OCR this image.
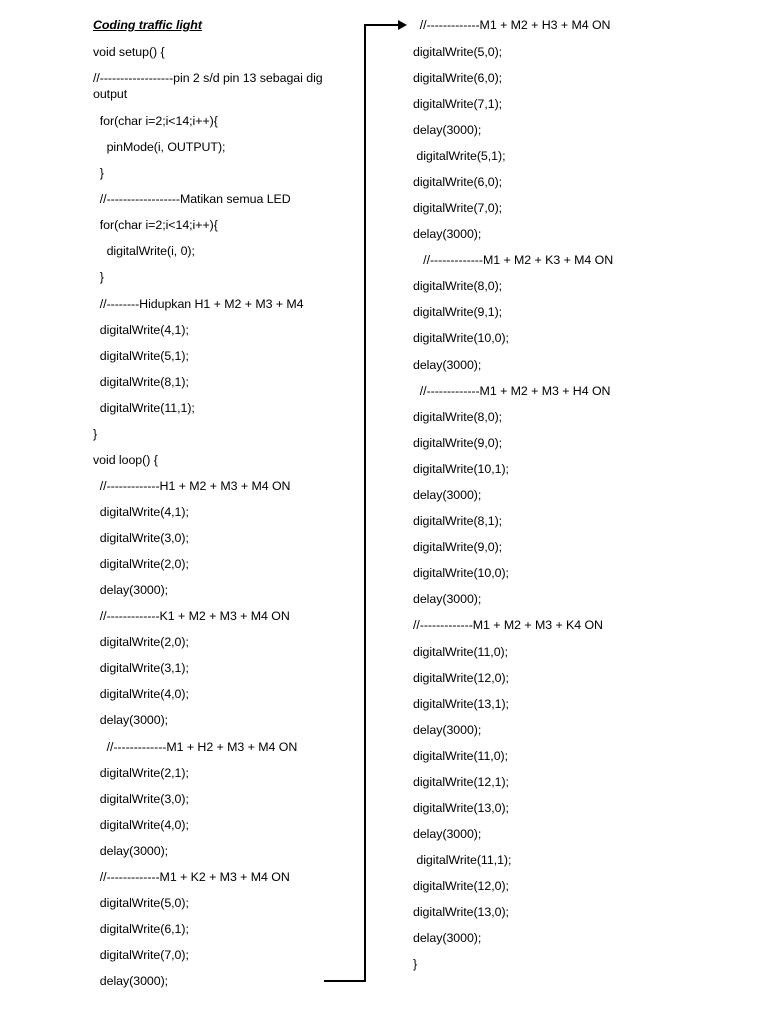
Coding traffic light
void setup() {
//------------------pin 2 s/d pin 13 sebagai dig output
for(char i=2;i<14;i++){
pinMode(i, OUTPUT);
}
//------------------Matikan semua LED
for(char i=2;i<14;i++){
digitalWrite(i, 0);
}
//--------Hidupkan H1 + M2 + M3 + M4
digitalWrite(4,1);
digitalWrite(5,1);
digitalWrite(8,1);
digitalWrite(11,1);
}
void loop() {
//-------------H1 + M2 + M3 + M4 ON
digitalWrite(4,1);
digitalWrite(3,0);
digitalWrite(2,0);
delay(3000);
//-------------K1 + M2 + M3 + M4 ON
digitalWrite(2,0);
digitalWrite(3,1);
digitalWrite(4,0);
delay(3000);
//-------------M1 + H2 + M3 + M4 ON
digitalWrite(2,1);
digitalWrite(3,0);
digitalWrite(4,0);
delay(3000);
//-------------M1 + K2 + M3 + M4 ON
digitalWrite(5,0);
digitalWrite(6,1);
digitalWrite(7,0);
delay(3000);
//-------------M1 + M2 + H3 + M4 ON
digitalWrite(5,0);
digitalWrite(6,0);
digitalWrite(7,1);
delay(3000);
digitalWrite(5,1);
digitalWrite(6,0);
digitalWrite(7,0);
delay(3000);
//-------------M1 + M2 + K3 + M4 ON
digitalWrite(8,0);
digitalWrite(9,1);
digitalWrite(10,0);
delay(3000);
//-------------M1 + M2 + M3 + H4 ON
digitalWrite(8,0);
digitalWrite(9,0);
digitalWrite(10,1);
delay(3000);
digitalWrite(8,1);
digitalWrite(9,0);
digitalWrite(10,0);
delay(3000);
//-------------M1 + M2 + M3 + K4 ON
digitalWrite(11,0);
digitalWrite(12,0);
digitalWrite(13,1);
delay(3000);
digitalWrite(11,0);
digitalWrite(12,1);
digitalWrite(13,0);
delay(3000);
digitalWrite(11,1);
digitalWrite(12,0);
digitalWrite(13,0);
delay(3000);
}
